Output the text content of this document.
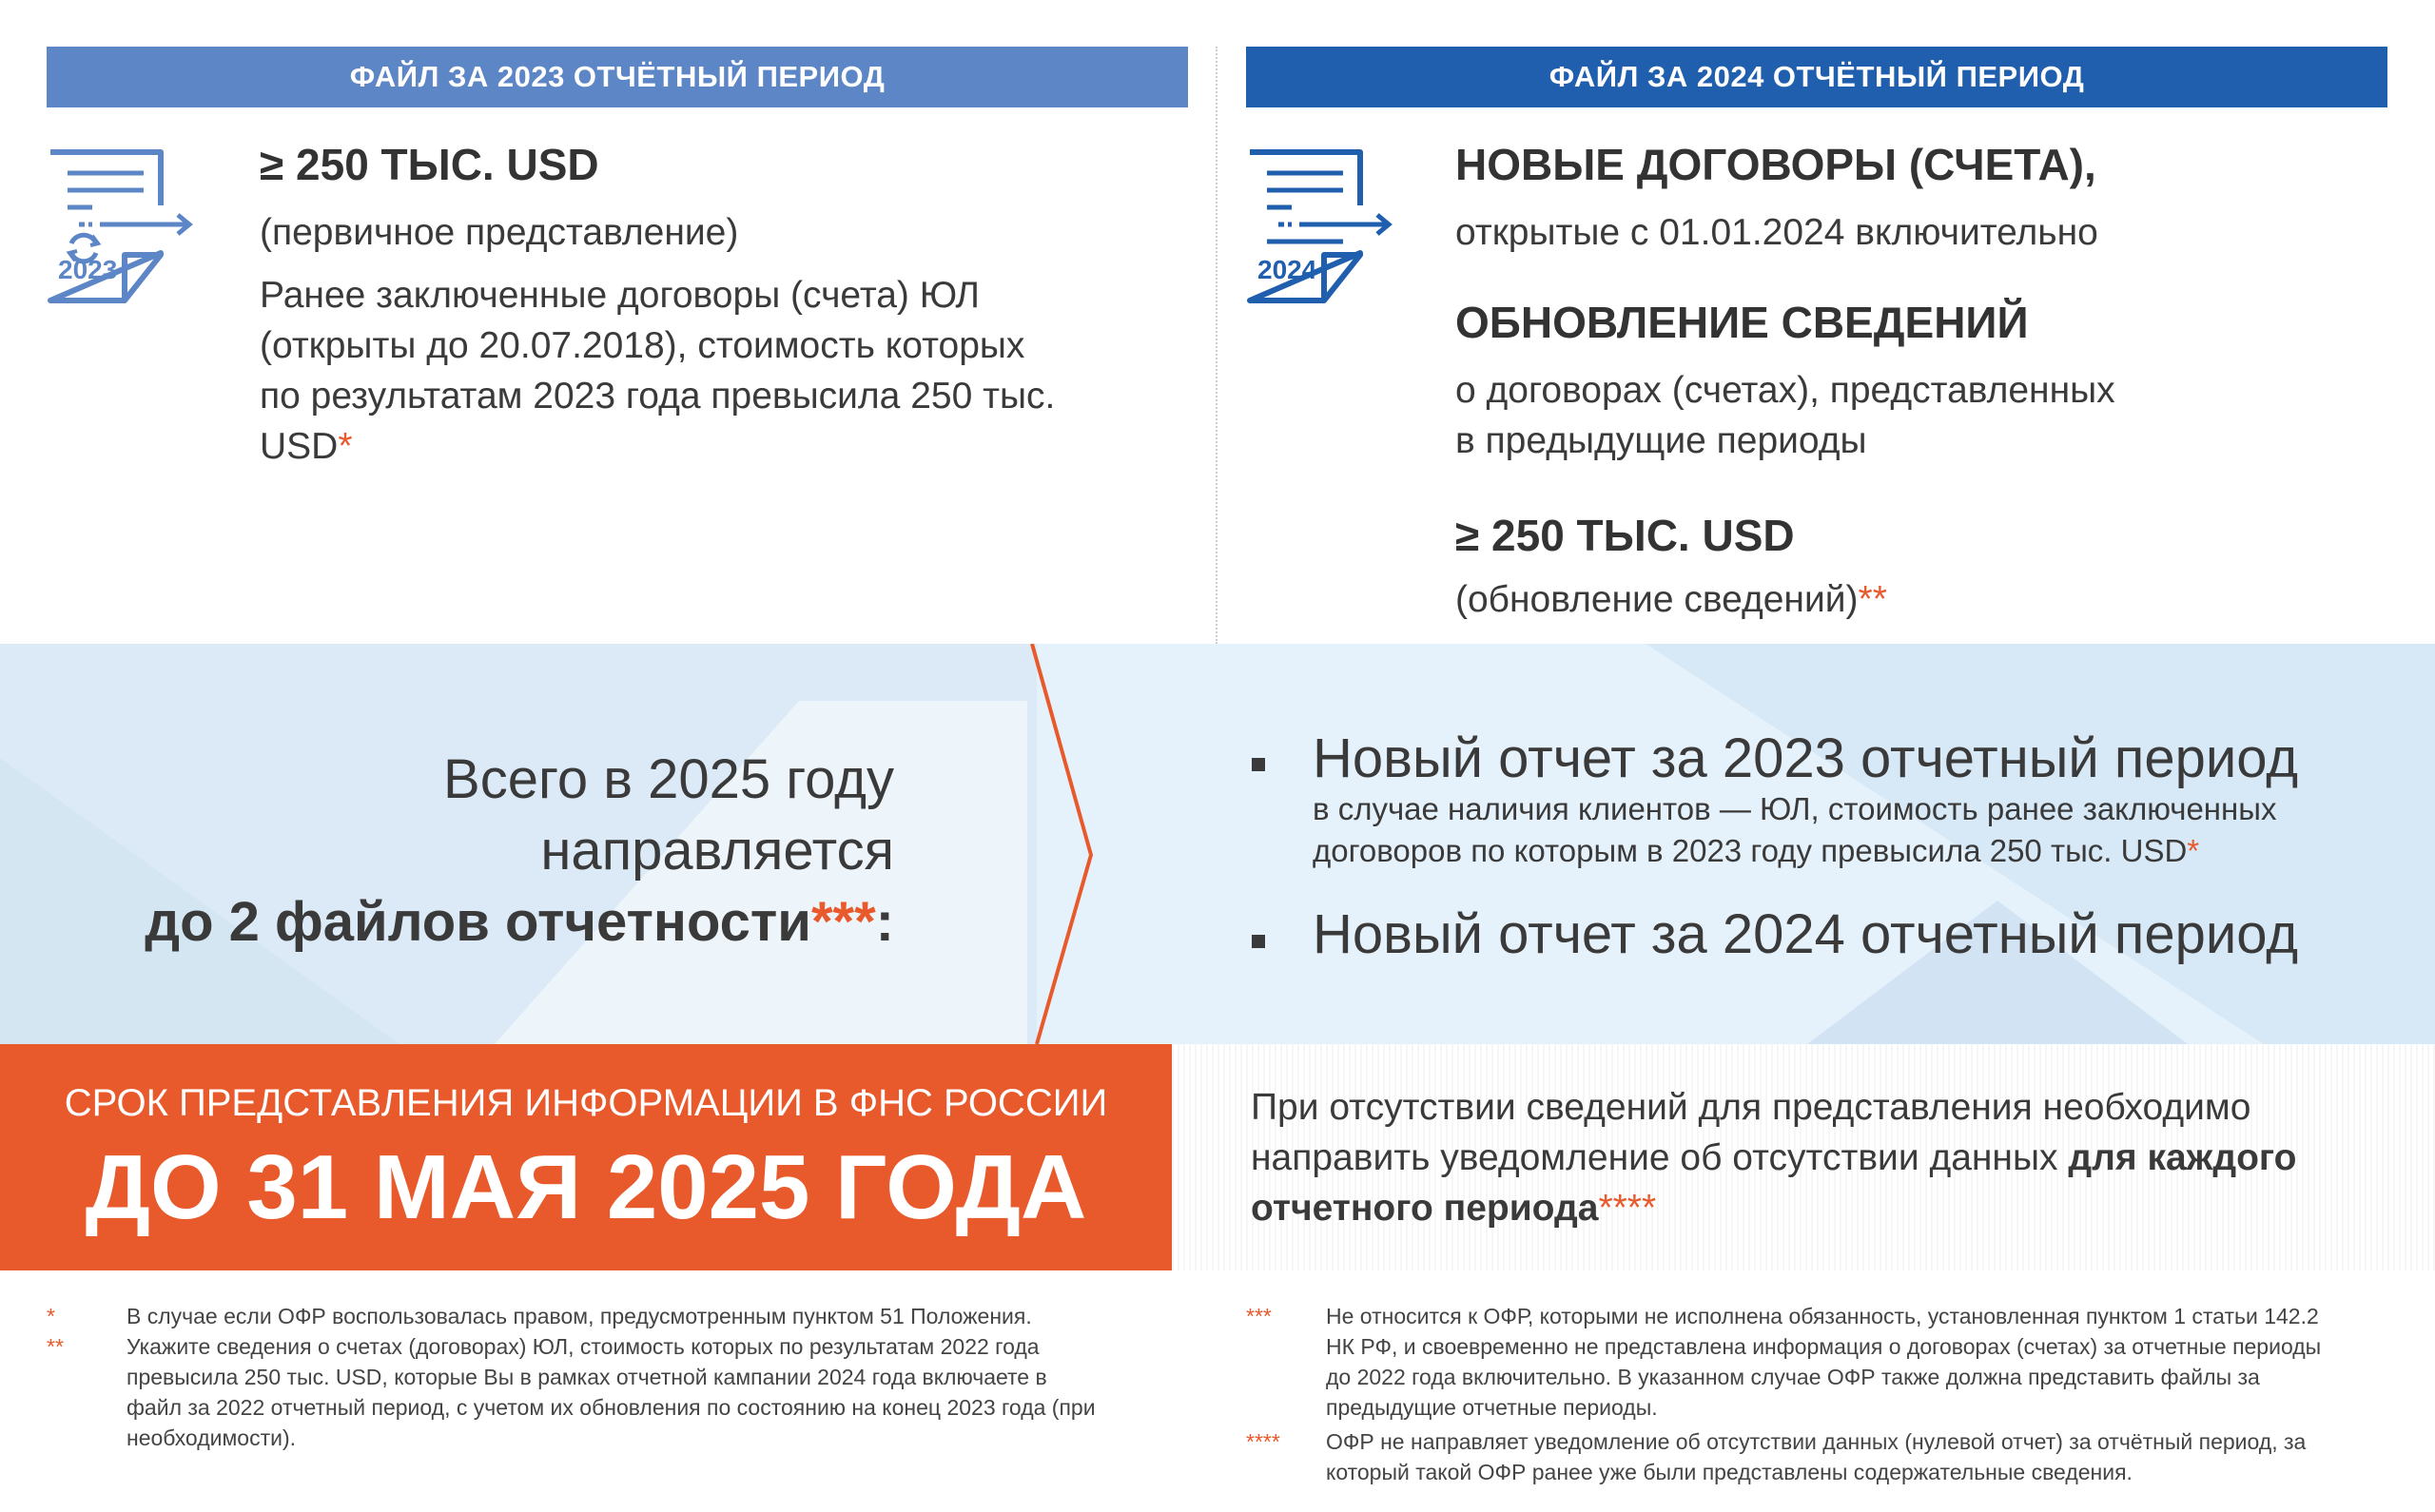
ФАЙЛ ЗА 2023 ОТЧЁТНЫЙ ПЕРИОД	ФАЙЛ ЗА 2024 ОТЧЁТНЫЙ ПЕРИОД
2023
≥ 250 ТЫС. USD
(первичное представление)
Ранее заключенные договоры (счета) ЮЛ
(открыты до 20.07.2018), стоимость которых
по результатам 2023 года превысила 250 тыс.
USD*
2024
НОВЫЕ ДОГОВОРЫ (СЧЕТА),
открытые с 01.01.2024 включительно
ОБНОВЛЕНИЕ СВЕДЕНИЙ
о договорах (счетах), представленных
в предыдущие периоды
≥ 250 ТЫС. USD
(обновление сведений)**
Всего в 2025 году
направляется
до 2 файлов отчетности***:
Новый отчет за 2023 отчетный период
в случае наличия клиентов — ЮЛ, стоимость ранее заключенных
договоров по которым в 2023 году превысила 250 тыс. USD*
Новый отчет за 2024 отчетный период
СРОК ПРЕДСТАВЛЕНИЯ ИНФОРМАЦИИ В ФНС РОССИИ
ДО 31 МАЯ 2025 ГОДА
При отсутствии сведений для представления необходимо
направить уведомление об отсутствии данных для каждого
отчетного периода****
*	В случае если ОФР воспользовалась правом, предусмотренным пунктом 51 Положения.
**	Укажите сведения о счетах (договорах) ЮЛ, стоимость которых по результатам 2022 года
превысила 250 тыс. USD, которые Вы в рамках отчетной кампании 2024 года включаете в
файл за 2022 отчетный период, с учетом их обновления по состоянию на конец 2023 года (при
необходимости).
*** Не относится к ОФР, которыми не исполнена обязанность, установленная пунктом 1 статьи 142.2
НК РФ, и своевременно не представлена информация о договорах (счетах) за отчетные периоды
до 2022 года включительно. В указанном случае ОФР также должна представить файлы за
предыдущие отчетные периоды.
**** ОФР не направляет уведомление об отсутствии данных (нулевой отчет) за отчётный период, за
который такой ОФР ранее уже были представлены содержательные сведения.
